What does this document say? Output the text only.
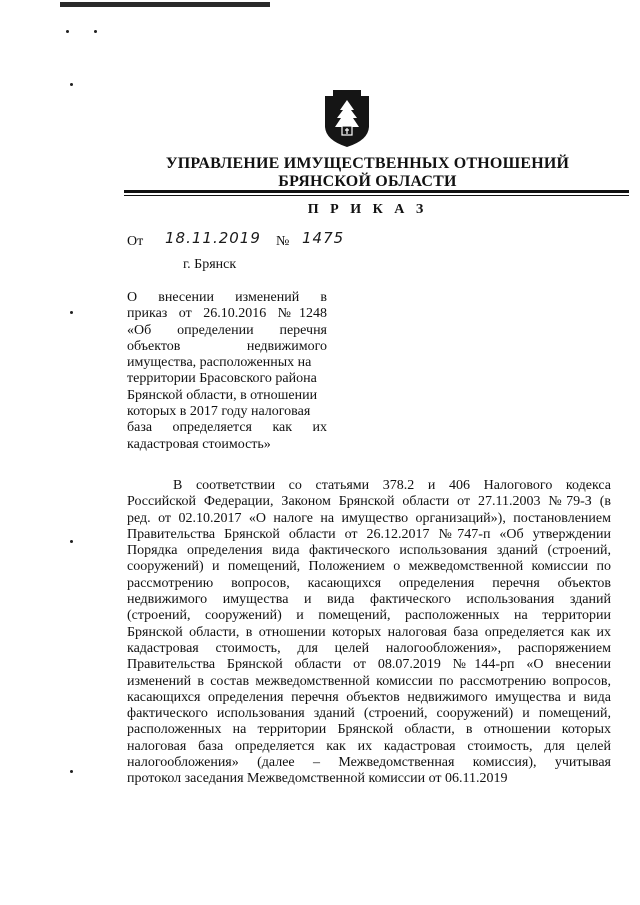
УПРАВЛЕНИЕ ИМУЩЕСТВЕННЫХ ОТНОШЕНИЙ
БРЯНСКОЙ ОБЛАСТИ
П Р И К А З
От 18.11.2019 № 1475
г. Брянск
О внесении изменений в
приказ от 26.10.2016 №1248
«Об определении перечня
объектов недвижимого
имущества, расположенных на
территории Брасовского района
Брянской области, в отношении
которых в 2017 году налоговая
база определяется как их
кадастровая стоимость»
В соответствии со статьями 378.2 и 406 Налогового кодекса
Российской Федерации, Законом Брянской области от 27.11.2003 №79-З (в
ред. от 02.10.2017 «О налоге на имущество организаций»), постановлением
Правительства Брянской области от 26.12.2017 №747-п «Об утверждении
Порядка определения вида фактического использования зданий (строений,
сооружений) и помещений, Положением о межведомственной комиссии по
рассмотрению вопросов, касающихся определения перечня объектов
недвижимого имущества и вида фактического использования зданий
(строений, сооружений) и помещений, расположенных на территории
Брянской области, в отношении которых налоговая база определяется как их
кадастровая стоимость, для целей налогообложения», распоряжением
Правительства Брянской области от 08.07.2019 №144-рп «О внесении
изменений в состав межведомственной комиссии по рассмотрению вопросов,
касающихся определения перечня объектов недвижимого имущества и вида
фактического использования зданий (строений, сооружений) и помещений,
расположенных на территории Брянской области, в отношении которых
налоговая база определяется как их кадастровая стоимость, для целей
налогообложения» (далее – Межведомственная комиссия), учитывая
протокол заседания Межведомственной комиссии от 06.11.2019
